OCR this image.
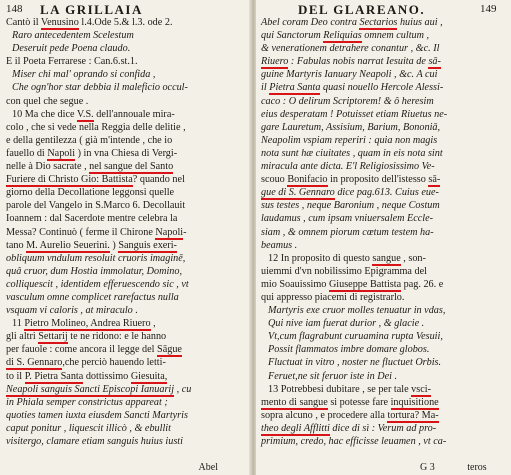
148 LA GRILLAIA
Cantò il Venusino l.4.Ode 5.& l.3. ode 2.
Raro antecedentem Scelestum
Deseruit pede Poena claudo.
E il Poeta Ferrarese : Can.6.st.1.
Miser chi mal' oprando si confida ,
Che ogn'hor star debbia il maleficio occul-
con quel che segue .
10 Ma che dice V.S. dell'annouale mira-
colo , che si vede nella Reggia delle delitie ,
e della gentilezza ( già m'intende , che io
fauello di Napoli ) in vna Chiesa di Vergi-
nelle à Dio sacrate , nel sangue del Santo
Furiere di Christo Gio: Battista? quando nel
giorno della Decollatione leggonsi quelle
parole del Vangelo in S.Marco 6. Decollauit
Ioannem : dal Sacerdote mentre celebra la
Messa? Continuò ( ferme il Chirone Napoli-
tano M. Aurelio Seuerini. ) Sanguis exeri-
obliquum vndulum resoluit cruoris imaginē,
quâ cruor, dum Hostia immolatur, Domino,
colliquescit , identidem efferuescendo sic , vt
vasculum omne complicet rarefactus nulla
vsquam vi caloris , at miraculo .
11 Pietro Molineo, Andrea Riuero ,
gli altri Settarij te ne ridono: e le hanno
per fauole : come ancora il legge del Sāgue
di S. Gennaro,che perciò hauendo letti-
to il P. Pietra Santa dottissimo Giesuita,
Neapoli sanguis Sancti Episcopi Ianuarij , cu
in Phiala semper constrictus appareat ;
quoties tamen iuxta eiusdem Sancti Martyris
caput ponitur , liquescit illicò , & ebullit
visitergo, clamare etiam sanguis huius iusti
Abel
DEL GLAREANO.	149
Abel coram Deo contra Sectarios huius aui ,
qui Sanctorum Reliquias omnem cultum ,
& venerationem detrahere conantur , &c. Il
Riuero : Fabulas nobis narrat Iesuita de sā-
guine Martyris Ianuary Neapoli , &c. A cui
il Pietra Santa quasi nouello Hercole Alessi-
caco : O delirum Scriptorem! & ô heresim
eius desperatam ! Potuisset etiam Riuetus ne-
gare Lauretum, Assisium, Barium, Bononiā,
Neapolim vspiam reperiri : quia non magis
nota sunt hæ ciuitates , quam in eis nota sint
miracula ante dicta. E'l Religiosissimo Ve-
scouo Bonifacio in proposito dell'istesso sā-
gue di S. Gennaro dice pag.613. Cuius eue-
sus testes , neque Baronium , neque Costum
laudamus , cum ipsam vniuersalem Eccle-
siam , & omnem piorum cœtum testem ha-
beamus .
12 In proposito di questo sangue , son-
uiemmi d'vn nobilissimo Epigramma del
mio Soauissimo Giuseppe Battista pag. 26. e
qui appresso piacemi di registrarlo.
Martyris exe cruor molles tenuatur in vdas,
Qui nive iam fuerat durior , & glacie .
Vt,cum flagrabunt curuamina rupta Vesuii,
Possit flammatos imbre domare globos.
Fluctuat in vitro , noster ne fluctuet Orbis.
Feruet,ne sit feruor iste in Dei .
13 Potrebbesi dubitare , se per tale vsci-
mento di sangue si potesse fare inquisitione
sopra alcuno , e procedere alla tortura? Ma-
theo degli Afflitti dice di sì : Verum ad pro-
primium, credo, hac efficisse leuamen , vt ca-
G 3	teros
